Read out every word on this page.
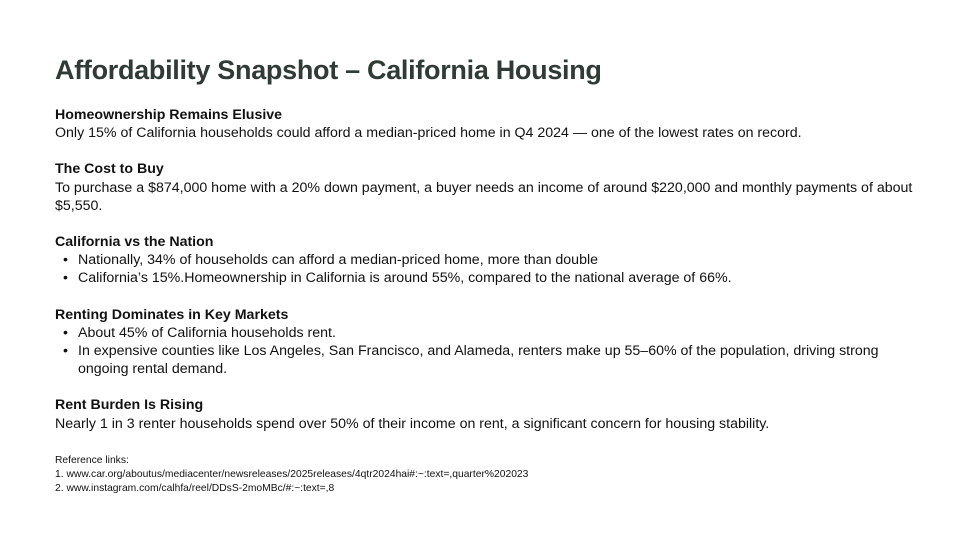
Affordability Snapshot – California Housing
Homeownership Remains Elusive
Only 15% of California households could afford a median-priced home in Q4 2024 — one of the lowest rates on record.
The Cost to Buy
To purchase a $874,000 home with a 20% down payment, a buyer needs an income of around $220,000 and monthly payments of about $5,550.
California vs the Nation
• Nationally, 34% of households can afford a median-priced home, more than double
• California’s 15%.Homeownership in California is around 55%, compared to the national average of 66%.
Renting Dominates in Key Markets
• About 45% of California households rent.
• In expensive counties like Los Angeles, San Francisco, and Alameda, renters make up 55–60% of the population, driving strong ongoing rental demand.
Rent Burden Is Rising
Nearly 1 in 3 renter households spend over 50% of their income on rent, a significant concern for housing stability.
Reference links:
1. www.car.org/aboutus/mediacenter/newsreleases/2025releases/4qtr2024hai#:~:text=,quarter%202023
2. www.instagram.com/calhfa/reel/DDsS-2moMBc/#:~:text=,8
